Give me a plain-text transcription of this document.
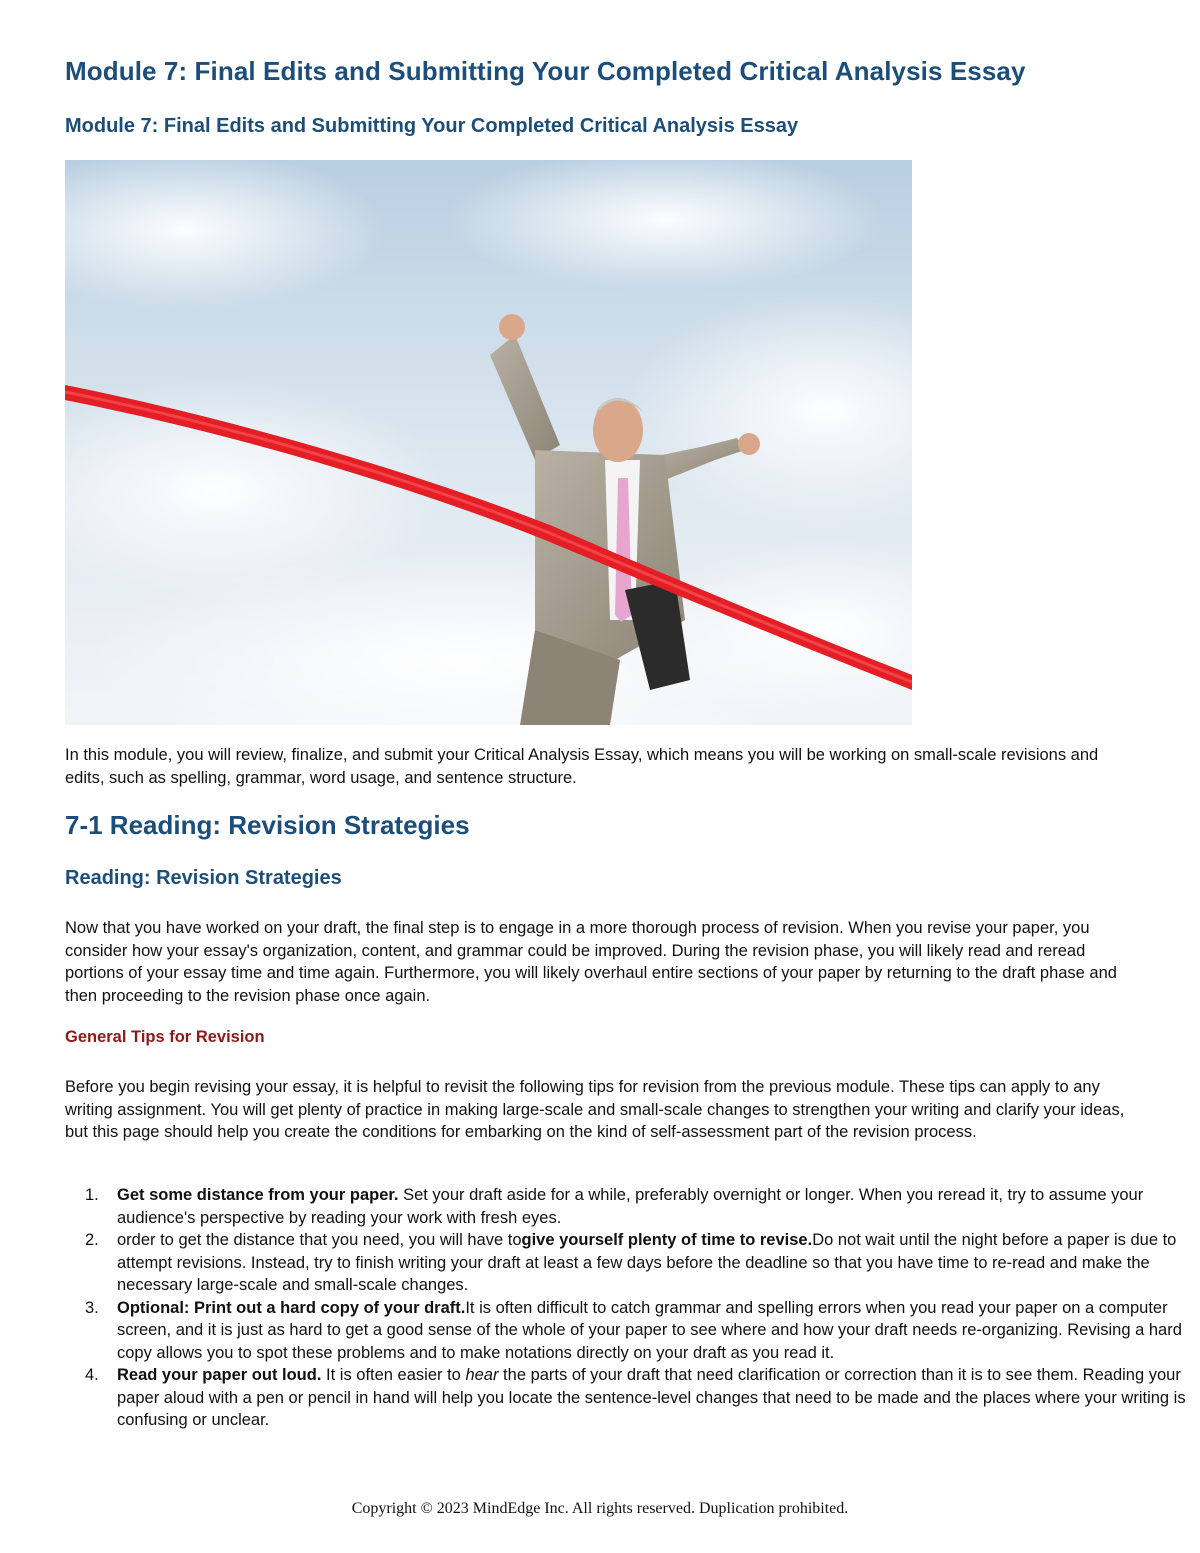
Module 7: Final Edits and Submitting Your Completed Critical Analysis Essay
Module 7: Final Edits and Submitting Your Completed Critical Analysis Essay

In this module, you will review, finalize, and submit your Critical Analysis Essay, which means you will be working on small-scale revisions and edits, such as spelling, grammar, word usage, and sentence structure.

7-1 Reading: Revision Strategies
Reading: Revision Strategies

Now that you have worked on your draft, the final step is to engage in a more thorough process of revision. When you revise your paper, you consider how your essay's organization, content, and grammar could be improved. During the revision phase, you will likely read and reread portions of your essay time and time again. Furthermore, you will likely overhaul entire sections of your paper by returning to the draft phase and then proceeding to the revision phase once again.

General Tips for Revision

Before you begin revising your essay, it is helpful to revisit the following tips for revision from the previous module. These tips can apply to any writing assignment. You will get plenty of practice in making large-scale and small-scale changes to strengthen your writing and clarify your ideas, but this page should help you create the conditions for embarking on the kind of self-assessment part of the revision process.

1. Get some distance from your paper. Set your draft aside for a while, preferably overnight or longer. When you reread it, try to assume your audience's perspective by reading your work with fresh eyes.
2. order to get the distance that you need, you will have togive yourself plenty of time to revise.Do not wait until the night before a paper is due to attempt revisions. Instead, try to finish writing your draft at least a few days before the deadline so that you have time to re-read and make the necessary large-scale and small-scale changes.
3. Optional: Print out a hard copy of your draft.It is often difficult to catch grammar and spelling errors when you read your paper on a computer screen, and it is just as hard to get a good sense of the whole of your paper to see where and how your draft needs re-organizing. Revising a hard copy allows you to spot these problems and to make notations directly on your draft as you read it.
4. Read your paper out loud. It is often easier to hear the parts of your draft that need clarification or correction than it is to see them. Reading your paper aloud with a pen or pencil in hand will help you locate the sentence-level changes that need to be made and the places where your writing is confusing or unclear.
Copyright © 2023 MindEdge Inc. All rights reserved. Duplication prohibited.
